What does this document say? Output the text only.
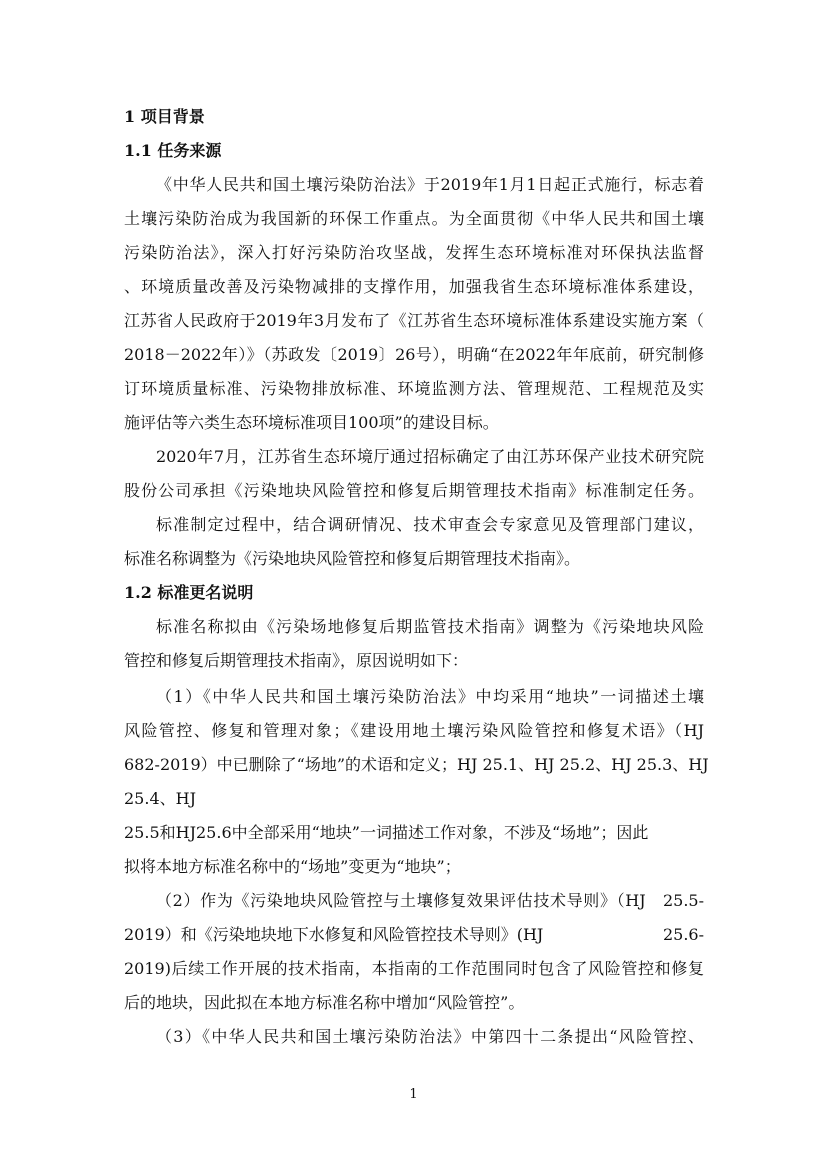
1 项目背景
1.1 任务来源
《中华人民共和国土壤污染防治法》于2019年1月1日起正式施行，标志着
土壤污染防治成为我国新的环保工作重点。为全面贯彻《中华人民共和国土壤
污染防治法》，深入打好污染防治攻坚战，发挥生态环境标准对环保执法监督
、环境质量改善及污染物减排的支撑作用，加强我省生态环境标准体系建设，
江苏省人民政府于2019年3月发布了《江苏省生态环境标准体系建设实施方案（
2018－2022年）》（苏政发〔2019〕26号），明确“在2022年年底前，研究制修
订环境质量标准、污染物排放标准、环境监测方法、管理规范、工程规范及实
施评估等六类生态环境标准项目100项”的建设目标。
2020年7月，江苏省生态环境厅通过招标确定了由江苏环保产业技术研究院
股份公司承担《污染地块风险管控和修复后期管理技术指南》标准制定任务。
标准制定过程中，结合调研情况、技术审查会专家意见及管理部门建议，
标准名称调整为《污染地块风险管控和修复后期管理技术指南》。
1.2 标准更名说明
标准名称拟由《污染场地修复后期监管技术指南》调整为《污染地块风险
管控和修复后期管理技术指南》，原因说明如下：
（1）《中华人民共和国土壤污染防治法》中均采用“地块”一词描述土壤
风险管控、修复和管理对象；《建设用地土壤污染风险管控和修复术语》（HJ
682-2019）中已删除了“场地”的术语和定义；HJ 25.1、HJ 25.2、HJ 25.3、HJ
25.4、HJ
25.5和HJ25.6中全部采用“地块”一词描述工作对象，不涉及“场地”；因此
拟将本地方标准名称中的“场地”变更为“地块”；
（2）作为《污染地块风险管控与土壤修复效果评估技术导则》（HJ　25.5-
2019）和《污染地块地下水修复和风险管控技术导则》(HJ	25.6-
2019)后续工作开展的技术指南，本指南的工作范围同时包含了风险管控和修复
后的地块，因此拟在本地方标准名称中增加“风险管控”。
（3）《中华人民共和国土壤污染防治法》中第四十二条提出“风险管控、
1
